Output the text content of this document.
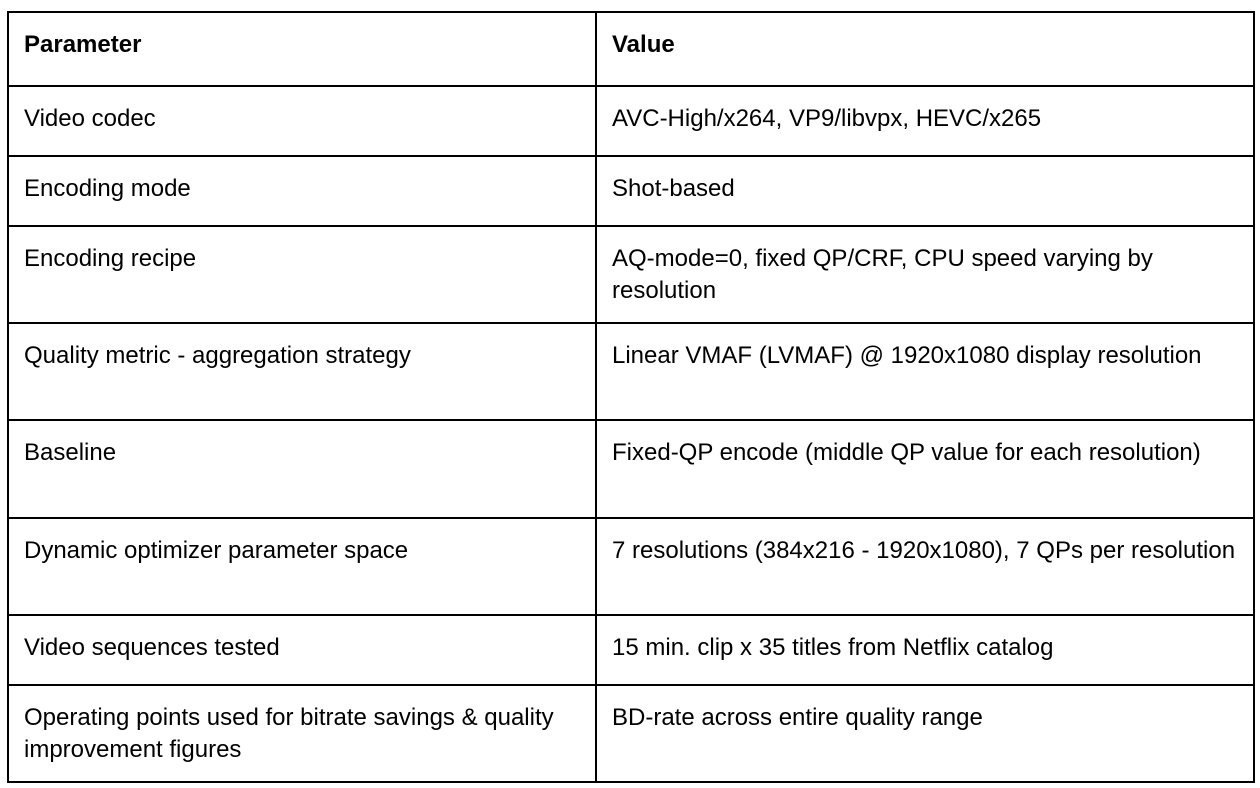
Parameter	Value
Video codec	AVC-High/x264, VP9/libvpx, HEVC/x265
Encoding mode	Shot-based
Encoding recipe	AQ-mode=0, fixed QP/CRF, CPU speed varying by resolution
Quality metric - aggregation strategy	Linear VMAF (LVMAF) @ 1920x1080 display resolution
Baseline	Fixed-QP encode (middle QP value for each resolution)
Dynamic optimizer parameter space	7 resolutions (384x216 - 1920x1080), 7 QPs per resolution
Video sequences tested	15 min. clip x 35 titles from Netflix catalog
Operating points used for bitrate savings & quality improvement figures	BD-rate across entire quality range
